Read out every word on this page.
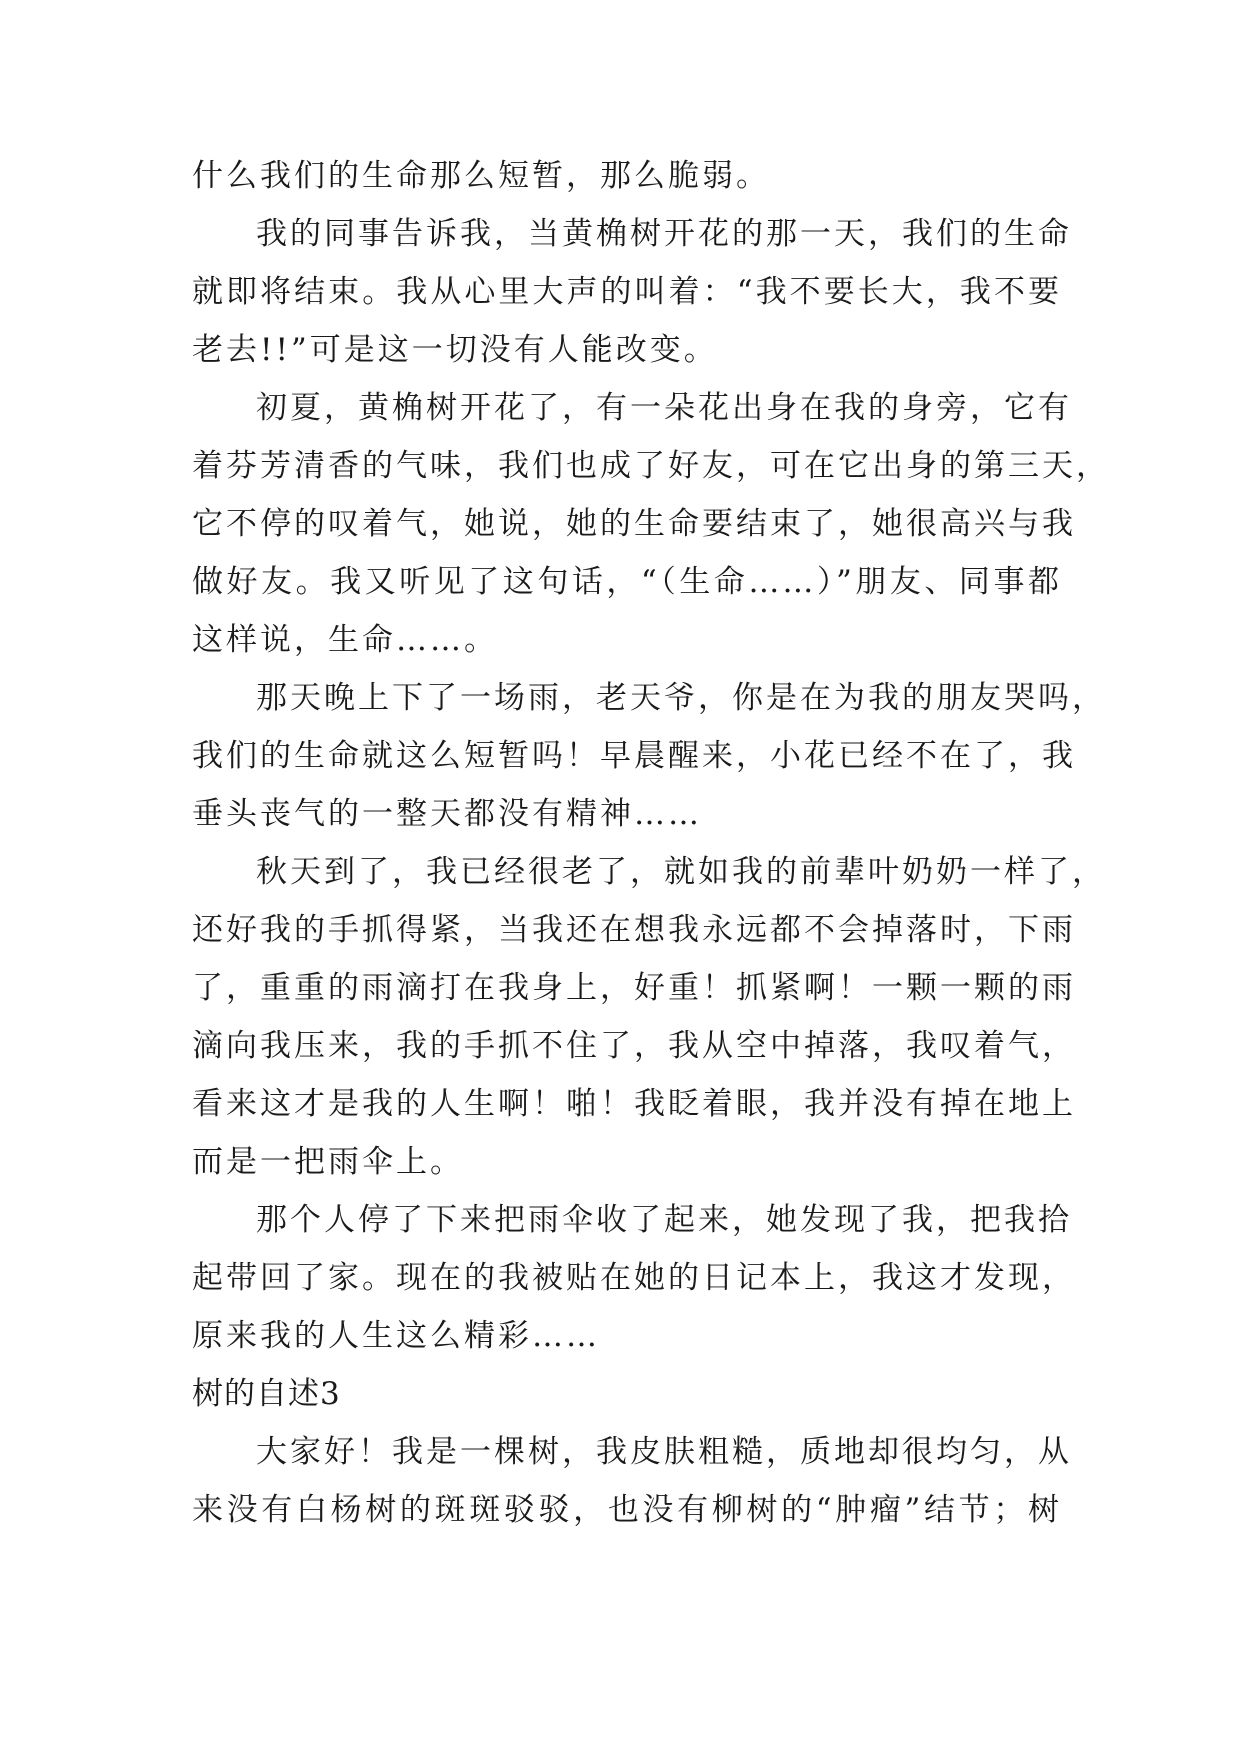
什么我们的生命那么短暂，那么脆弱。
我的同事告诉我，当黄桷树开花的那一天，我们的生命
就即将结束。我从心里大声的叫着：“我不要长大，我不要
老去!!”可是这一切没有人能改变。
初夏，黄桷树开花了，有一朵花出身在我的身旁，它有
着芬芳清香的气味，我们也成了好友，可在它出身的第三天，
它不停的叹着气，她说，她的生命要结束了，她很高兴与我
做好友。我又听见了这句话，“（生命……）”朋友、同事都
这样说，生命……。
那天晚上下了一场雨，老天爷，你是在为我的朋友哭吗，
我们的生命就这么短暂吗！早晨醒来，小花已经不在了，我
垂头丧气的一整天都没有精神……
秋天到了，我已经很老了，就如我的前辈叶奶奶一样了，
还好我的手抓得紧，当我还在想我永远都不会掉落时，下雨
了，重重的雨滴打在我身上，好重！抓紧啊！一颗一颗的雨
滴向我压来，我的手抓不住了，我从空中掉落，我叹着气，
看来这才是我的人生啊！啪！我眨着眼，我并没有掉在地上
而是一把雨伞上。
那个人停了下来把雨伞收了起来，她发现了我，把我拾
起带回了家。现在的我被贴在她的日记本上，我这才发现，
原来我的人生这么精彩……
树的自述3
大家好！我是一棵树，我皮肤粗糙，质地却很均匀，从
来没有白杨树的斑斑驳驳，也没有柳树的“肿瘤”结节；树
